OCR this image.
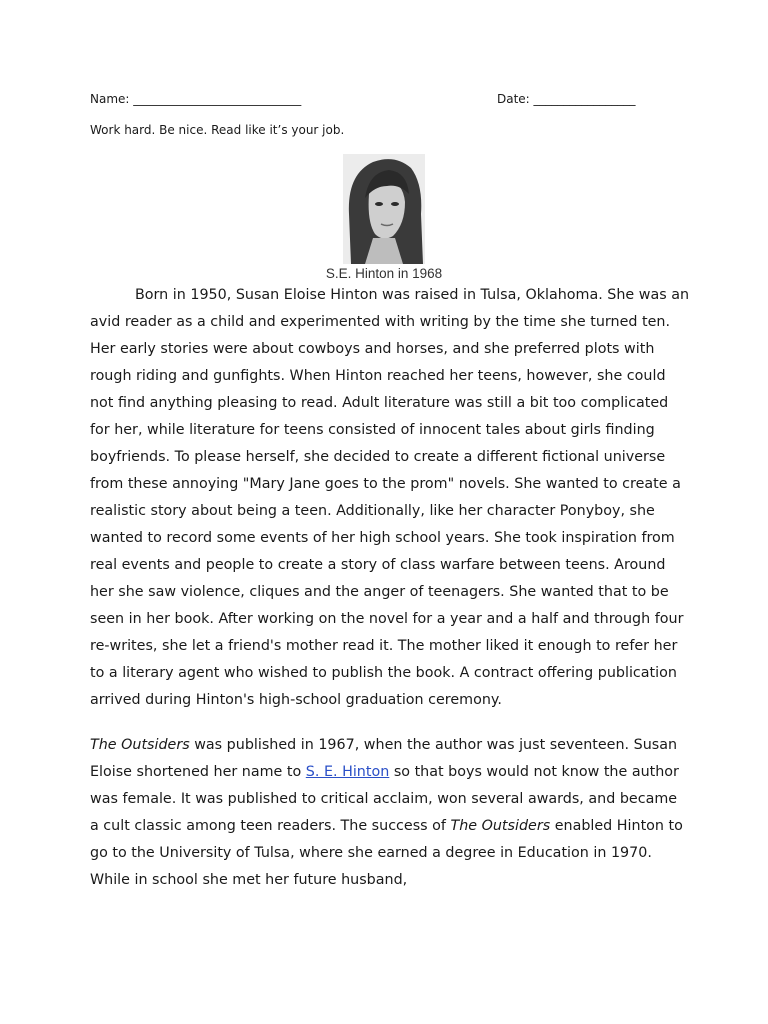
Name: ____________________________	Date: _________________
Work hard. Be nice. Read like it’s your job.
S.E. Hinton in 1968

Born in 1950, Susan Eloise Hinton was raised in Tulsa, Oklahoma. She was an avid reader as a child and experimented with writing by the time she turned ten. Her early stories were about cowboys and horses, and she preferred plots with rough riding and gunfights. When Hinton reached her teens, however, she could not find anything pleasing to read. Adult literature was still a bit too complicated for her, while literature for teens consisted of innocent tales about girls finding boyfriends. To please herself, she decided to create a different fictional universe from these annoying "Mary Jane goes to the prom" novels. She wanted to create a realistic story about being a teen. Additionally, like her character Ponyboy, she wanted to record some events of her high school years. She took inspiration from real events and people to create a story of class warfare between teens. Around her she saw violence, cliques and the anger of teenagers. She wanted that to be seen in her book. After working on the novel for a year and a half and through four re-writes, she let a friend's mother read it. The mother liked it enough to refer her to a literary agent who wished to publish the book. A contract offering publication arrived during Hinton's high-school graduation ceremony.

The Outsiders was published in 1967, when the author was just seventeen. Susan Eloise shortened her name to S. E. Hinton so that boys would not know the author was female. It was published to critical acclaim, won several awards, and became a cult classic among teen readers. The success of The Outsiders enabled Hinton to go to the University of Tulsa, where she earned a degree in Education in 1970. While in school she met her future husband,
